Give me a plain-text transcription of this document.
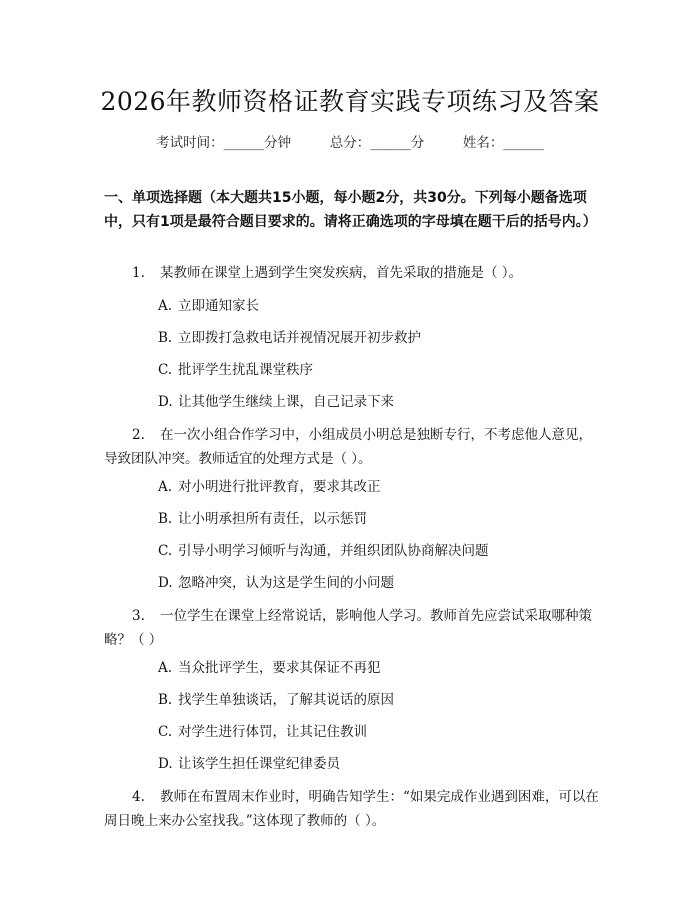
2026年教师资格证教育实践专项练习及答案
考试时间：______分钟	总分：______分	姓名：______
一、单项选择题（本大题共15小题，每小题2分，共30分。下列每小题备选项中，只有1项是最符合题目要求的。请将正确选项的字母填在题干后的括号内。）
1. 某教师在课堂上遇到学生突发疾病，首先采取的措施是（ ）。
A. 立即通知家长
B. 立即拨打急救电话并视情况展开初步救护
C. 批评学生扰乱课堂秩序
D. 让其他学生继续上课，自己记录下来
2. 在一次小组合作学习中，小组成员小明总是独断专行，不考虑他人意见，导致团队冲突。教师适宜的处理方式是（ ）。
A. 对小明进行批评教育，要求其改正
B. 让小明承担所有责任，以示惩罚
C. 引导小明学习倾听与沟通，并组织团队协商解决问题
D. 忽略冲突，认为这是学生间的小问题
3. 一位学生在课堂上经常说话，影响他人学习。教师首先应尝试采取哪种策略？（ ）
A. 当众批评学生，要求其保证不再犯
B. 找学生单独谈话，了解其说话的原因
C. 对学生进行体罚，让其记住教训
D. 让该学生担任课堂纪律委员
4. 教师在布置周末作业时，明确告知学生：“如果完成作业遇到困难，可以在周日晚上来办公室找我。”这体现了教师的（ ）。
